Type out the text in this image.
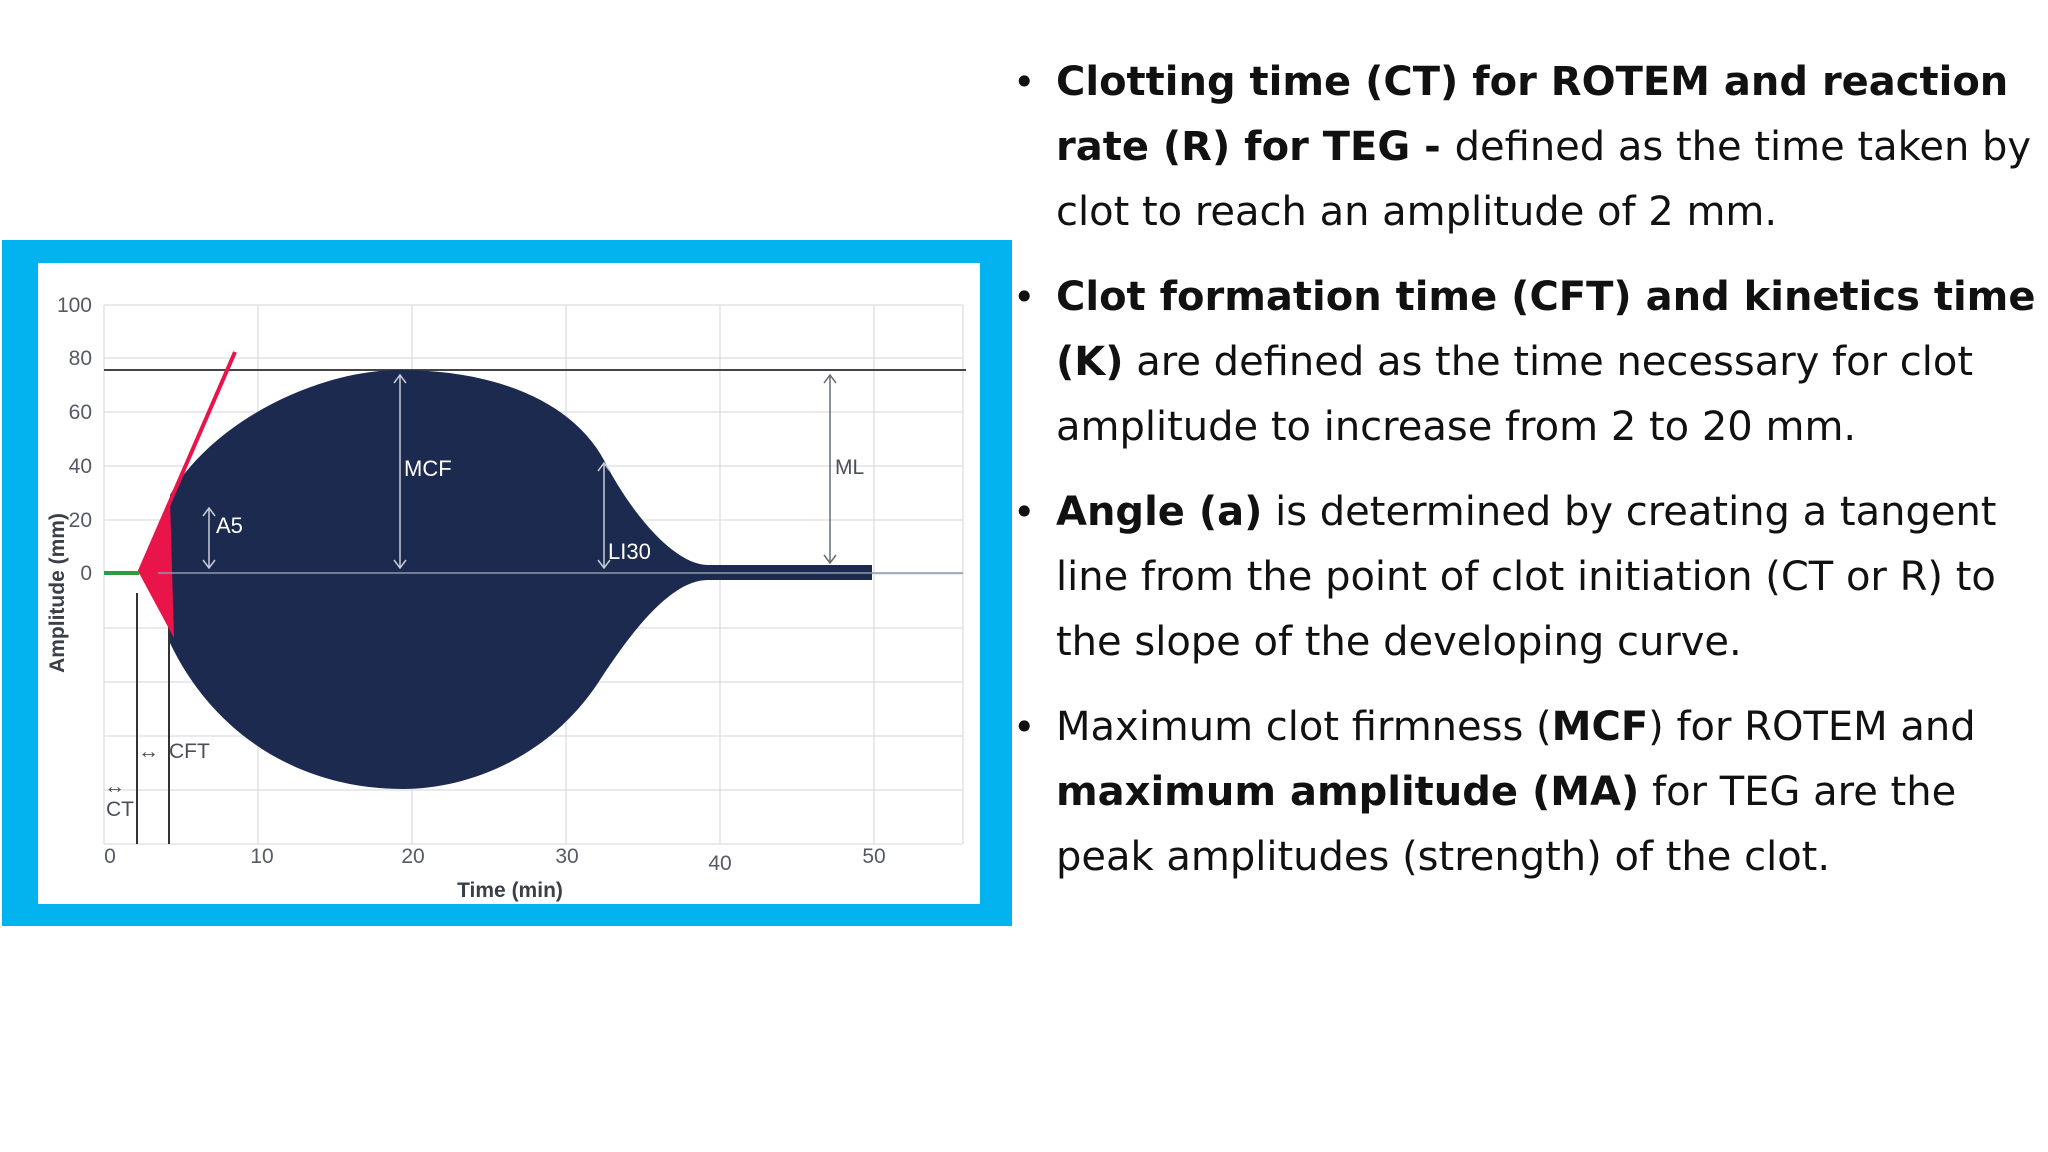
MCF
A5
LI30
ML
↔ CFT
↔
CT
100
80
60
40
20
0
0	10	20	30	40	50
Time (min)
Amplitude (mm)
• Clotting time (CT) for ROTEM and reaction rate (R) for TEG - defined as the time taken by clot to reach an amplitude of 2 mm.
• Clot formation time (CFT) and kinetics time (K) are defined as the time necessary for clot amplitude to increase from 2 to 20 mm.
• Angle (a) is determined by creating a tangent line from the point of clot initiation (CT or R) to the slope of the developing curve.
• Maximum clot firmness (MCF) for ROTEM and maximum amplitude (MA) for TEG are the peak amplitudes (strength) of the clot.
